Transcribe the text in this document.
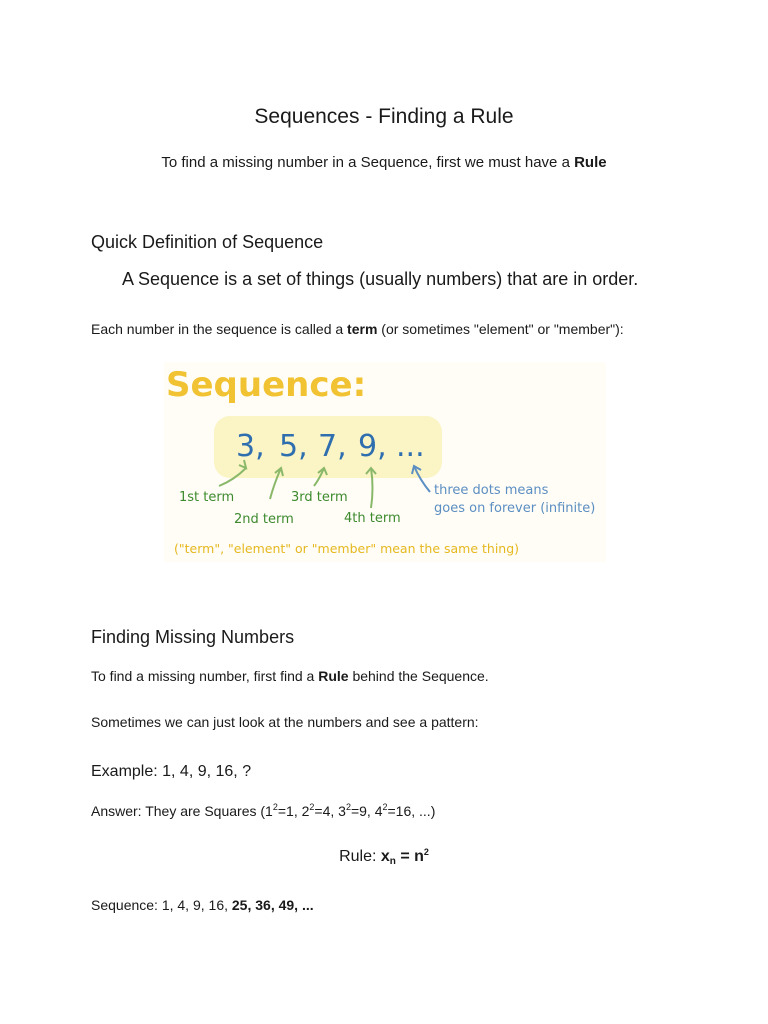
Sequences - Finding a Rule
To find a missing number in a Sequence, first we must have a Rule
Quick Definition of Sequence
A Sequence is a set of things (usually numbers) that are in order.
Each number in the sequence is called a term (or sometimes "element" or "member"):
Sequence:
3, 5, 7, 9, ...
1st term
2nd term
3rd term
4th term
three dots means
goes on forever (infinite)
("term", "element" or "member" mean the same thing)
Finding Missing Numbers
To find a missing number, first find a Rule behind the Sequence.
Sometimes we can just look at the numbers and see a pattern:
Example: 1, 4, 9, 16, ?
Answer: They are Squares ($1^2=1$, $2^2=4$, $3^2=9$, $4^2=16$, ...)
Rule: $x_n = n^2$
Sequence: 1, 4, 9, 16, 25, 36, 49, ...
